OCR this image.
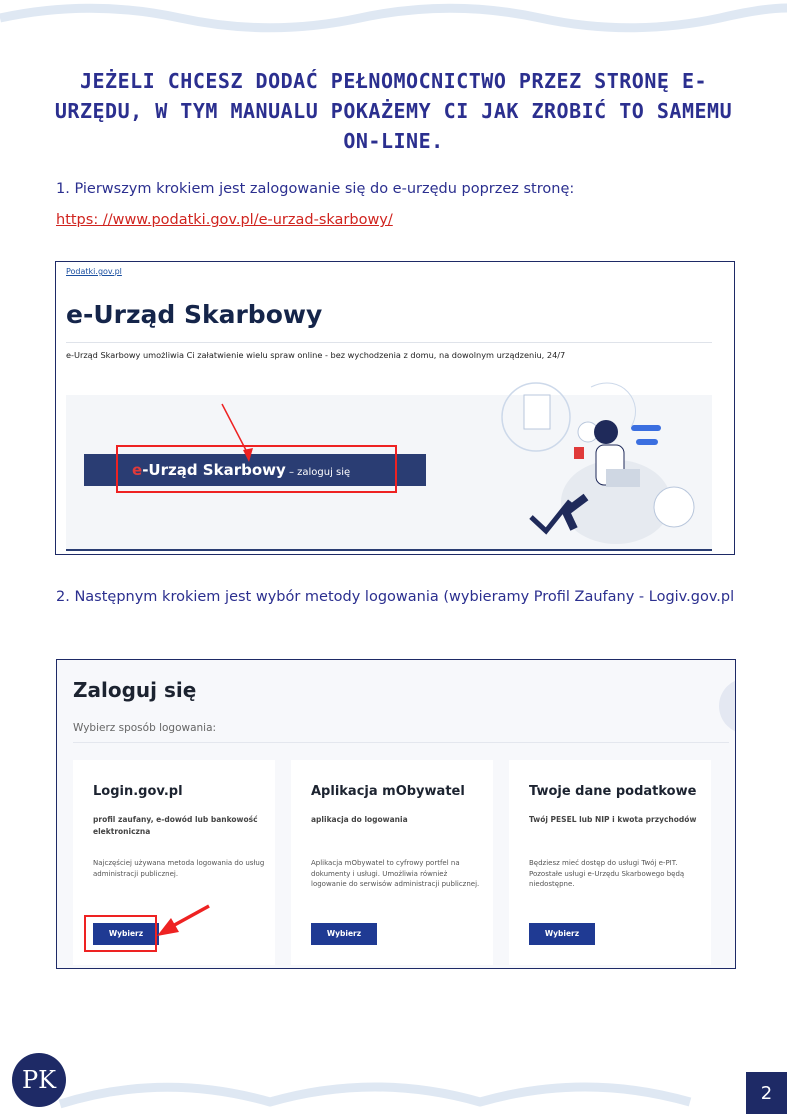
JEŻELI CHCESZ DODAĆ PEŁNOMOCNICTWO PRZEZ STRONĘ E-URZĘDU, W TYM MANUALU POKAŻEMY CI JAK ZROBIĆ TO SAMEMU ON-LINE.
1. Pierwszym krokiem jest zalogowanie się do e-urzędu poprzez stronę:
https: //www.podatki.gov.pl/e-urzad-skarbowy/
Podatki.gov.pl
e-Urząd Skarbowy
e-Urząd Skarbowy umożliwia Ci załatwienie wielu spraw online - bez wychodzenia z domu, na dowolnym urządzeniu, 24/7
e-Urząd Skarbowy – zaloguj się
2. Następnym krokiem jest wybór metody logowania (wybieramy Profil Zaufany - Logiv.gov.pl
Zaloguj się
Wybierz sposób logowania:
Login.gov.pl
profil zaufany, e-dowód lub bankowość elektroniczna
Najczęściej używana metoda logowania do usług administracji publicznej.
Wybierz
Aplikacja mObywatel
aplikacja do logowania
Aplikacja mObywatel to cyfrowy portfel na dokumenty i usługi. Umożliwia również logowanie do serwisów administracji publicznej.
Wybierz
Twoje dane podatkowe
Twój PESEL lub NIP i kwota przychodów
Będziesz mieć dostęp do usługi Twój e-PIT. Pozostałe usługi e-Urzędu Skarbowego będą niedostępne.
Wybierz
PK	2
